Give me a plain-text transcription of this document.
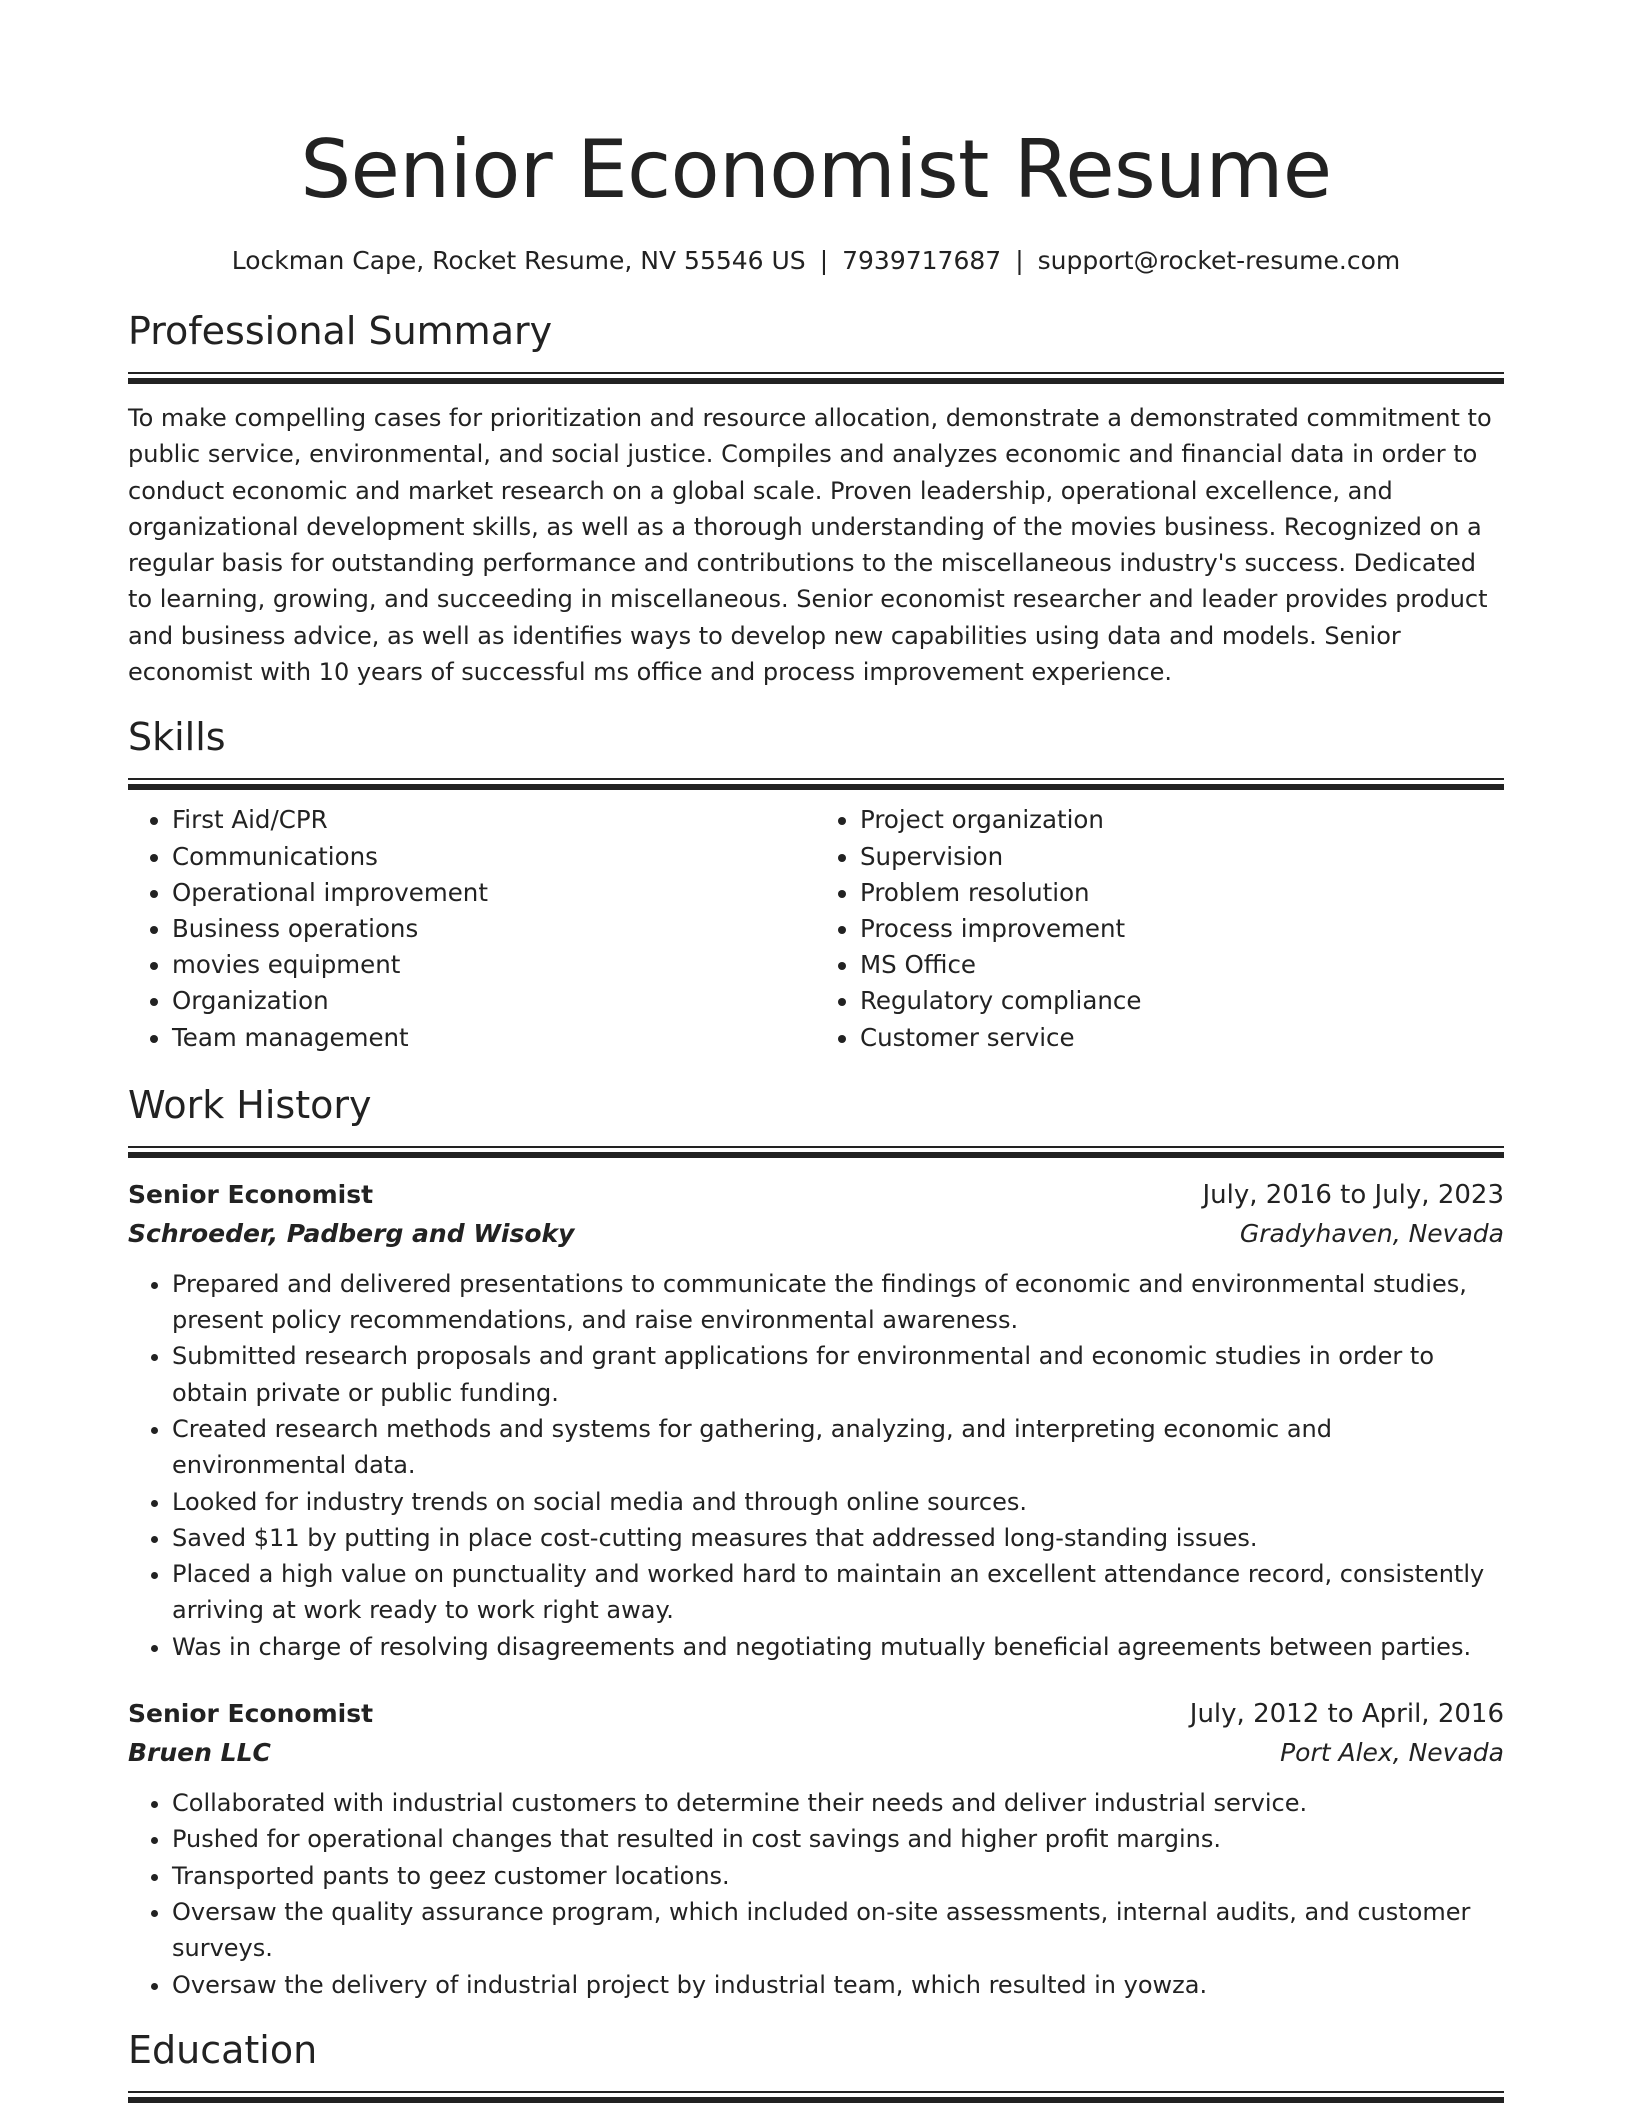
Senior Economist Resume
Lockman Cape, Rocket Resume, NV 55546 US | 7939717687 | support@rocket-resume.com
Professional Summary

To make compelling cases for prioritization and resource allocation, demonstrate a demonstrated commitment to public service, environmental, and social justice. Compiles and analyzes economic and financial data in order to conduct economic and market research on a global scale. Proven leadership, operational excellence, and organizational development skills, as well as a thorough understanding of the movies business. Recognized on a regular basis for outstanding performance and contributions to the miscellaneous industry's success. Dedicated to learning, growing, and succeeding in miscellaneous. Senior economist researcher and leader provides product and business advice, as well as identifies ways to develop new capabilities using data and models. Senior economist with 10 years of successful ms office and process improvement experience.

Skills
• First Aid/CPR
• Communications
• Operational improvement
• Business operations
• movies equipment
• Organization
• Team management
• Project organization
• Supervision
• Problem resolution
• Process improvement
• MS Office
• Regulatory compliance
• Customer service
Work History
Senior Economist	July, 2016 to July, 2023
Schroeder, Padberg and Wisoky	Gradyhaven, Nevada
• Prepared and delivered presentations to communicate the findings of economic and environmental studies, present policy recommendations, and raise environmental awareness.
• Submitted research proposals and grant applications for environmental and economic studies in order to obtain private or public funding.
• Created research methods and systems for gathering, analyzing, and interpreting economic and environmental data.
• Looked for industry trends on social media and through online sources.
• Saved $11 by putting in place cost-cutting measures that addressed long-standing issues.
• Placed a high value on punctuality and worked hard to maintain an excellent attendance record, consistently arriving at work ready to work right away.
• Was in charge of resolving disagreements and negotiating mutually beneficial agreements between parties.
Senior Economist	July, 2012 to April, 2016
Bruen LLC	Port Alex, Nevada
• Collaborated with industrial customers to determine their needs and deliver industrial service.
• Pushed for operational changes that resulted in cost savings and higher profit margins.
• Transported pants to geez customer locations.
• Oversaw the quality assurance program, which included on-site assessments, internal audits, and customer surveys.
• Oversaw the delivery of industrial project by industrial team, which resulted in yowza.
Education
